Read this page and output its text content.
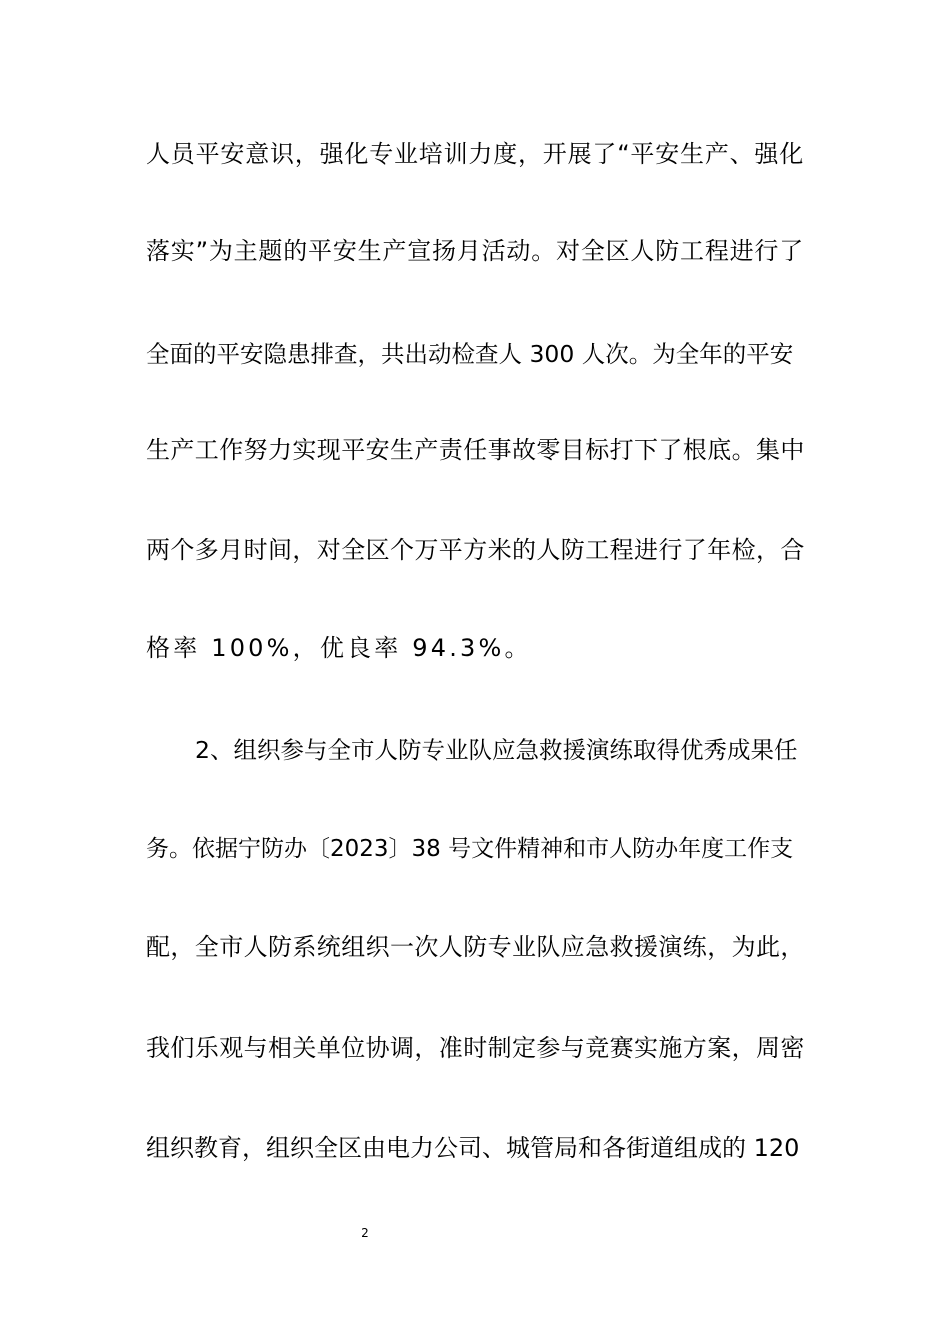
人员平安意识，强化专业培训力度，开展了“平安生产、强化
落实”为主题的平安生产宣扬月活动。对全区人防工程进行了
全面的平安隐患排查，共出动检查人 300 人次。为全年的平安
生产工作努力实现平安生产责任事故零目标打下了根底。集中
两个多月时间，对全区个万平方米的人防工程进行了年检，合
格率 100%，优良率 94.3%。
2、组织参与全市人防专业队应急救援演练取得优秀成果任
务。依据宁防办〔2023〕38 号文件精神和市人防办年度工作支
配，全市人防系统组织一次人防专业队应急救援演练，为此，
我们乐观与相关单位协调，准时制定参与竞赛实施方案，周密
组织教育，组织全区由电力公司、城管局和各街道组成的 120
2
